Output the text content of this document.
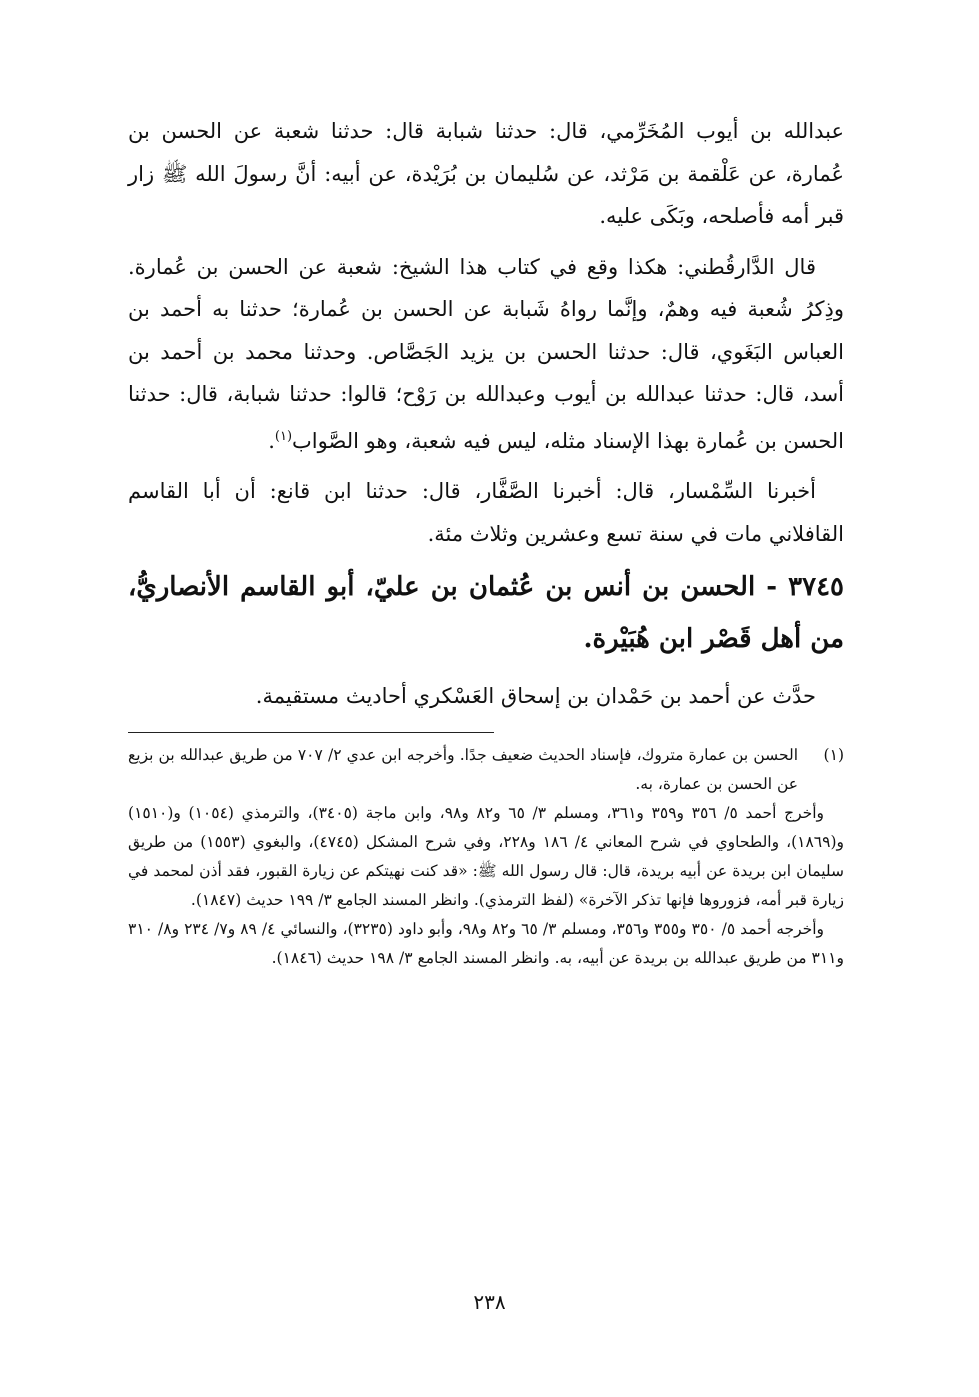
عبدالله بن أيوب المُخَرِّمي، قال: حدثنا شبابة قال: حدثنا شعبة عن الحسن بن عُمارة، عن عَلْقمة بن مَرْثد، عن سُليمان بن بُرَيْدة، عن أبيه: أنَّ رسولَ الله ﷺ زار قبر أمه فأصلحه، وبَكَى عليه.

قال الدَّارقُطني: هكذا وقع في كتاب هذا الشيخ: شعبة عن الحسن بن عُمارة. وذِكرُ شُعبة فيه وهمٌ، وإنَّما رواهُ شَبابة عن الحسن بن عُمارة؛ حدثنا به أحمد بن العباس البَغَوي، قال: حدثنا الحسن بن يزيد الجَصَّاص. وحدثنا محمد بن أحمد بن أسد، قال: حدثنا عبدالله بن أيوب وعبدالله بن رَوْح؛ قالوا: حدثنا شبابة، قال: حدثنا الحسن بن عُمارة بهذا الإسناد مثله، ليس فيه شعبة، وهو الصَّواب$^{(١)}$.

أخبرنا السِّمْسار، قال: أخبرنا الصَّفَّار، قال: حدثنا ابن قانع: أن أبا القاسم القافلاني مات في سنة تسع وعشرين وثلاث مئة.

٣٧٤٥ - الحسن بن أنس بن عُثمان بن عليّ، أبو القاسم الأنصاريُّ، من أهل قَصْر ابن هُبَيْرة.

حدَّث عن أحمد بن حَمْدان بن إسحاق العَسْكري أحاديث مستقيمة.

(١)
الحسن بن عمارة متروك، فإسناد الحديث ضعيف جدًا. وأخرجه ابن عدي ٢/ ٧٠٧ من طريق عبدالله بن بزيع عن الحسن بن عمارة، به.

وأخرج أحمد ٥/ ٣٥٦ و٣٥٩ و٣٦١، ومسلم ٣/ ٦٥ و٨٢ و٩٨، وابن ماجة (٣٤٠٥)، والترمذي (١٠٥٤) و(١٥١٠) و(١٨٦٩)، والطحاوي في شرح المعاني ٤/ ١٨٦ و٢٢٨، وفي شرح المشكل (٤٧٤٥)، والبغوي (١٥٥٣) من طريق سليمان ابن بريدة عن أبيه بريدة، قال: قال رسول الله ﷺ: «قد كنت نهيتكم عن زيارة القبور، فقد أذن لمحمد في زيارة قبر أمه، فزوروها فإنها تذكر الآخرة» (لفظ الترمذي). وانظر المسند الجامع ٣/ ١٩٩ حديث (١٨٤٧).

وأخرجه أحمد ٥/ ٣٥٠ و٣٥٥ و٣٥٦، ومسلم ٣/ ٦٥ و٨٢ و٩٨، وأبو داود (٣٢٣٥)، والنسائي ٤/ ٨٩ و٧/ ٢٣٤ و٨/ ٣١٠ و٣١١ من طريق عبدالله بن بريدة عن أبيه، به. وانظر المسند الجامع ٣/ ١٩٨ حديث (١٨٤٦).

٢٣٨
